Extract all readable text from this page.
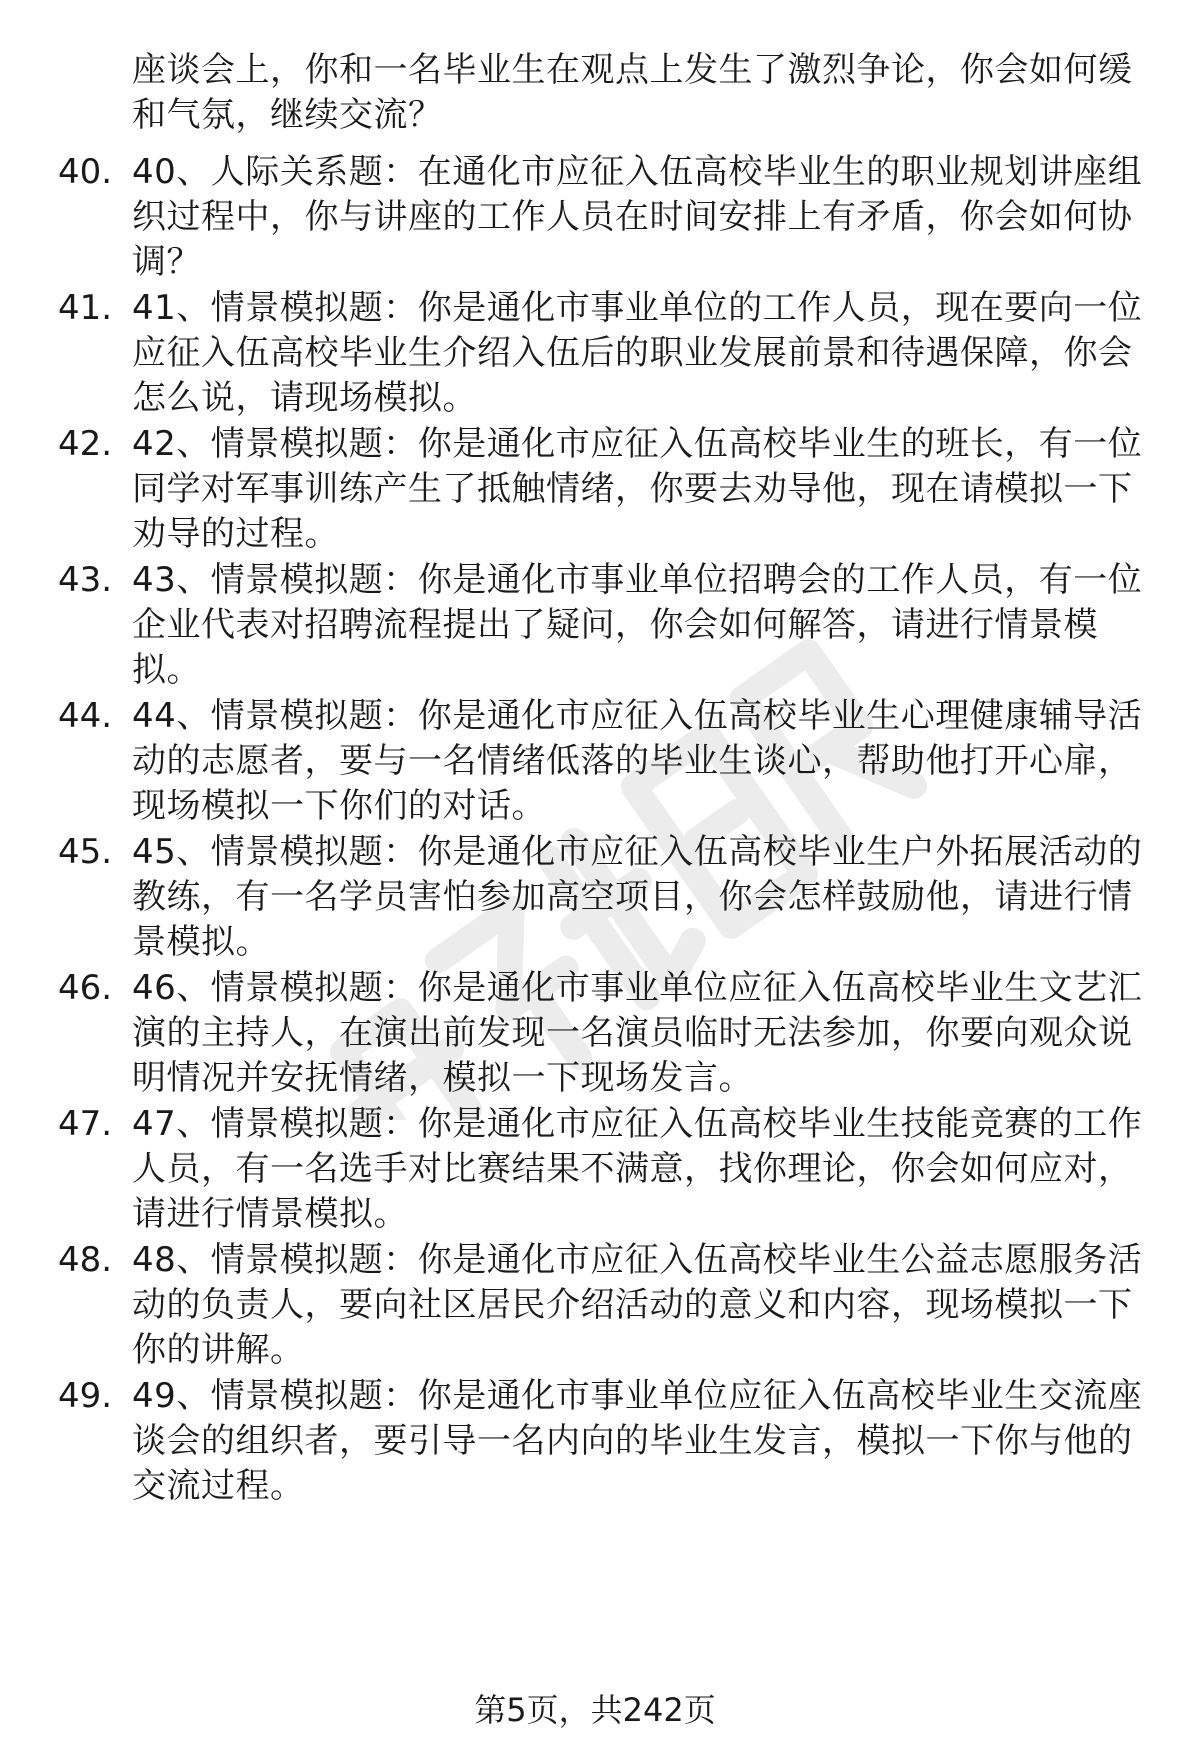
座谈会上，你和一名毕业生在观点上发生了激烈争论，你会如何缓和气氛，继续交流？
40. 40、人际关系题：在通化市应征入伍高校毕业生的职业规划讲座组织过程中，你与讲座的工作人员在时间安排上有矛盾，你会如何协调？
41. 41、情景模拟题：你是通化市事业单位的工作人员，现在要向一位应征入伍高校毕业生介绍入伍后的职业发展前景和待遇保障，你会怎么说，请现场模拟。
42. 42、情景模拟题：你是通化市应征入伍高校毕业生的班长，有一位同学对军事训练产生了抵触情绪，你要去劝导他，现在请模拟一下劝导的过程。
43. 43、情景模拟题：你是通化市事业单位招聘会的工作人员，有一位企业代表对招聘流程提出了疑问，你会如何解答，请进行情景模拟。
44. 44、情景模拟题：你是通化市应征入伍高校毕业生心理健康辅导活动的志愿者，要与一名情绪低落的毕业生谈心，帮助他打开心扉，现场模拟一下你们的对话。
45. 45、情景模拟题：你是通化市应征入伍高校毕业生户外拓展活动的教练，有一名学员害怕参加高空项目，你会怎样鼓励他，请进行情景模拟。
46. 46、情景模拟题：你是通化市事业单位应征入伍高校毕业生文艺汇演的主持人，在演出前发现一名演员临时无法参加，你要向观众说明情况并安抚情绪，模拟一下现场发言。
47. 47、情景模拟题：你是通化市应征入伍高校毕业生技能竞赛的工作人员，有一名选手对比赛结果不满意，找你理论，你会如何应对，请进行情景模拟。
48. 48、情景模拟题：你是通化市应征入伍高校毕业生公益志愿服务活动的负责人，要向社区居民介绍活动的意义和内容，现场模拟一下你的讲解。
49. 49、情景模拟题：你是通化市事业单位应征入伍高校毕业生交流座谈会的组织者，要引导一名内向的毕业生发言，模拟一下你与他的交流过程。
第5页，共242页
